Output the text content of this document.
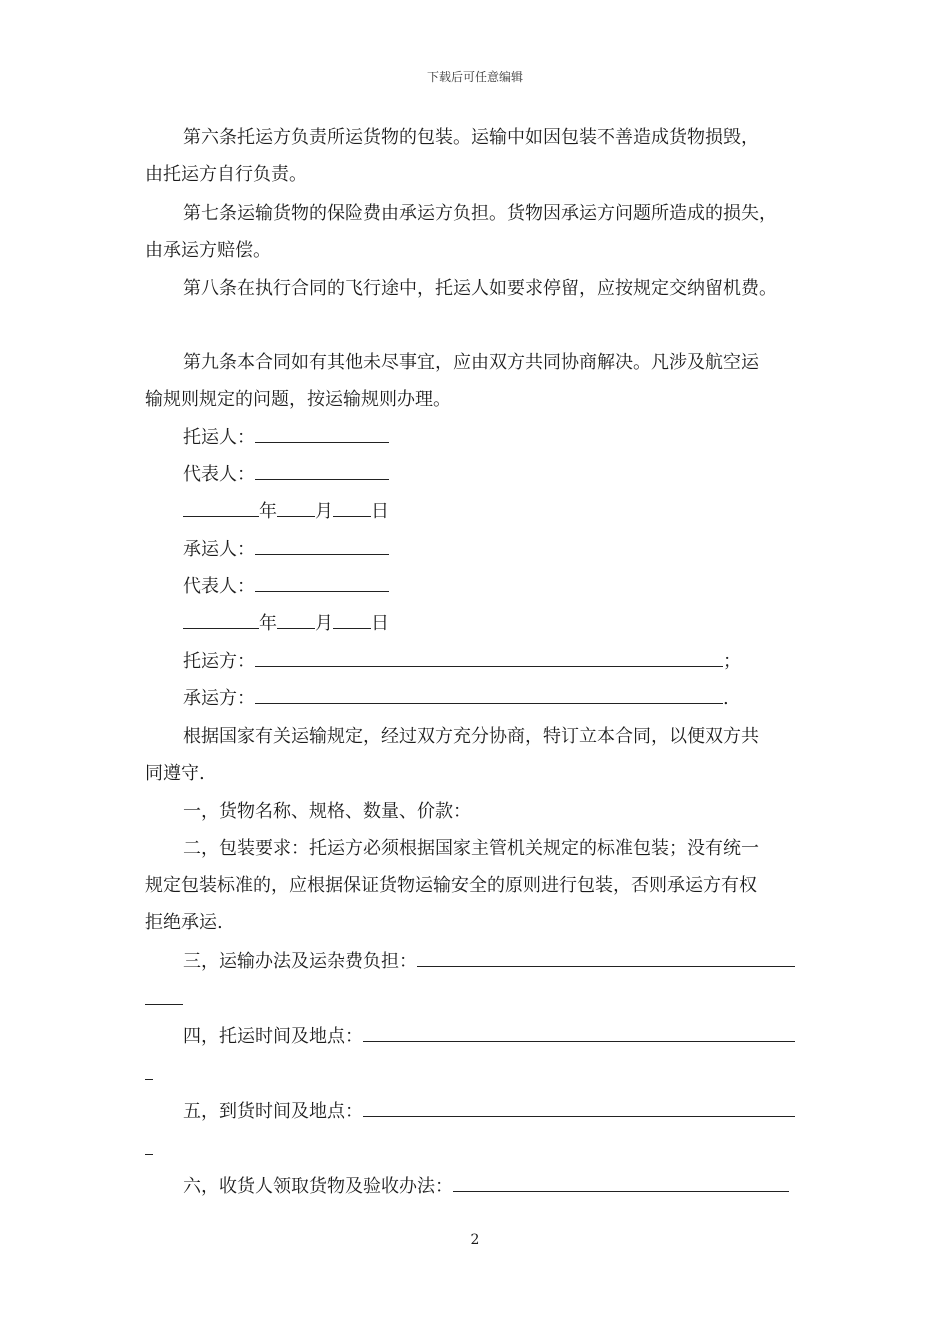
下载后可任意编辑
第六条托运方负责所运货物的包装。运输中如因包装不善造成货物损毁，
由托运方自行负责。
第七条运输货物的保险费由承运方负担。货物因承运方问题所造成的损失，
由承运方赔偿。
第八条在执行合同的飞行途中，托运人如要求停留，应按规定交纳留机费。
第九条本合同如有其他未尽事宜，应由双方共同协商解决。凡涉及航空运
输规则规定的问题，按运输规则办理。
托运人：
代表人：
年 月 日
承运人：
代表人：
年 月 日
托运方：	；
承运方：	.
根据国家有关运输规定，经过双方充分协商，特订立本合同，以便双方共
同遵守.
一，货物名称、规格、数量、价款：
二，包装要求：托运方必须根据国家主管机关规定的标准包装；没有统一
规定包装标准的，应根据保证货物运输安全的原则进行包装，否则承运方有权
拒绝承运.
三，运输办法及运杂费负担：
四，托运时间及地点：
五，到货时间及地点：
六，收货人领取货物及验收办法：
2
